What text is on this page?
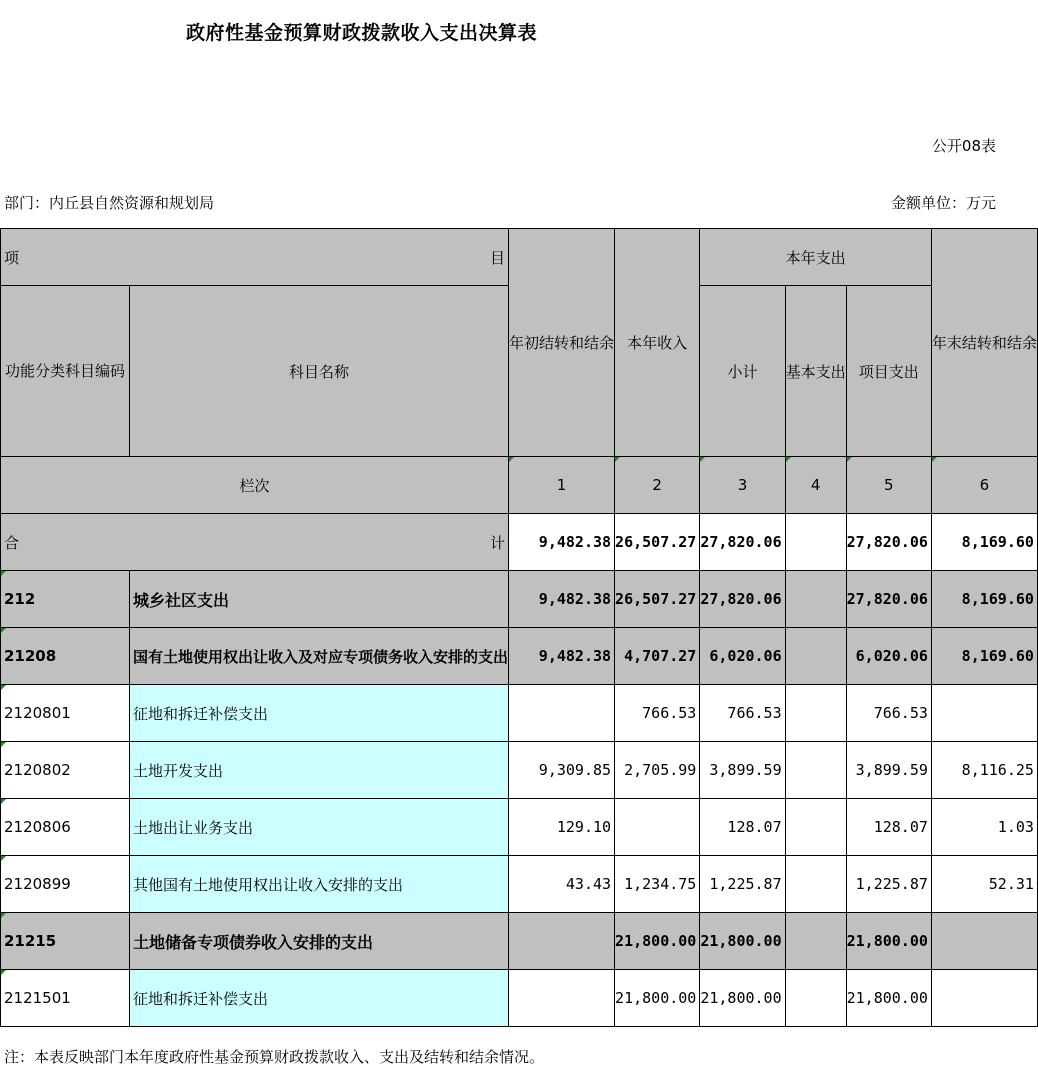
政府性基金预算财政拨款收入支出决算表
公开08表
部门：内丘县自然资源和规划局	金额单位：万元
项 目		年初结转和结余	本年收入	本年支出			年末结转和结余
功能分类科目编码	科目名称			小计	基本支出	项目支出	
栏次		1	2	3	4	5	6

合 计		9,482.38	26,507.27	27,820.06		27,820.06	8,169.60
212	城乡社区支出	9,482.38	26,507.27	27,820.06		27,820.06	8,169.60
21208	国有土地使用权出让收入及对应专项债务收入安排的支出	9,482.38	4,707.27	6,020.06		6,020.06	8,169.60
2120801	征地和拆迁补偿支出		766.53	766.53		766.53	
2120802	土地开发支出	9,309.85	2,705.99	3,899.59		3,899.59	8,116.25
2120806	土地出让业务支出	129.10		128.07		128.07	1.03
2120899	其他国有土地使用权出让收入安排的支出	43.43	1,234.75	1,225.87		1,225.87	52.31
21215	土地储备专项债券收入安排的支出		21,800.00	21,800.00		21,800.00	
2121501	征地和拆迁补偿支出		21,800.00	21,800.00		21,800.00	
注：本表反映部门本年度政府性基金预算财政拨款收入、支出及结转和结余情况。
